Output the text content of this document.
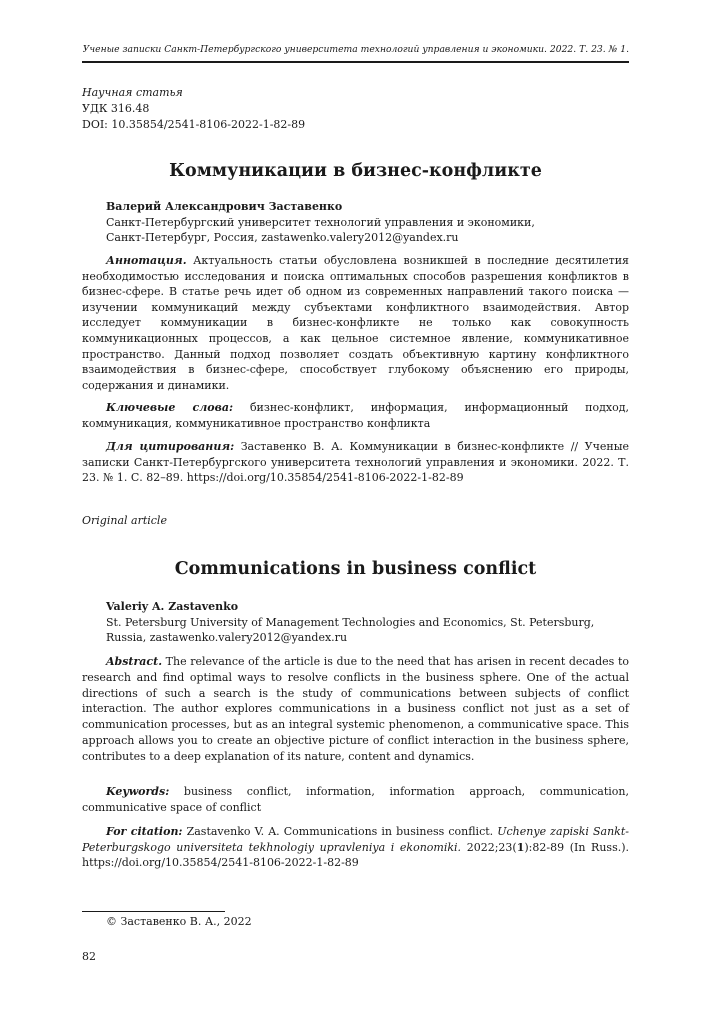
Ученые записки Санкт-Петербургского университета технологий управления и экономики. 2022. Т. 23. № 1.
Научная статья
УДК 316.48
DOI: 10.35854/2541-8106-2022-1-82-89
Коммуникации в бизнес-конфликте
Валерий Александрович Заставенко
Санкт-Петербургский университет технологий управления и экономики,
Санкт-Петербург, Россия, zastawenko.valery2012@yandex.ru
Аннотация. Актуальность статьи обусловлена возникшей в последние десятилетия необходимостью исследования и поиска оптимальных способов разрешения конфликтов в бизнес-сфере. В статье речь идет об одном из современных направлений такого поиска — изучении коммуникаций между субъектами конфликтного взаимодействия. Автор исследует коммуникации в бизнес-конфликте не только как совокупность коммуникационных процессов, а как цельное системное явление, коммуникативное пространство. Данный подход позволяет создать объективную картину конфликтного взаимодействия в бизнес-сфере, способствует глубокому объяснению его природы, содержания и динамики.
Ключевые слова: бизнес-конфликт, информация, информационный подход, коммуникация, коммуникативное пространство конфликта
Для цитирования: Заставенко В. А. Коммуникации в бизнес-конфликте // Ученые записки Санкт-Петербургского университета технологий управления и экономики. 2022. Т. 23. № 1. С. 82–89. https://doi.org/10.35854/2541-8106-2022-1-82-89
Original article
Communications in business conflict
Valeriy A. Zastavenko
St. Petersburg University of Management Technologies and Economics, St. Petersburg,
Russia, zastawenko.valery2012@yandex.ru
Abstract. The relevance of the article is due to the need that has arisen in recent decades to research and find optimal ways to resolve conflicts in the business sphere. One of the actual directions of such a search is the study of communications between subjects of conflict interaction. The author explores communications in a business conflict not just as a set of communication processes, but as an integral systemic phenomenon, a communicative space. This approach allows you to create an objective picture of conflict interaction in the business sphere, contributes to a deep explanation of its nature, content and dynamics.
Keywords: business conflict, information, information approach, communication, communicative space of conflict
For citation: Zastavenko V. A. Communications in business conflict. Uchenye zapiski Sankt-Peterburgskogo universiteta tekhnologiy upravleniya i ekonomiki. 2022;23(1):82-89 (In Russ.). https://doi.org/10.35854/2541-8106-2022-1-82-89
© Заставенко В. А., 2022
82
